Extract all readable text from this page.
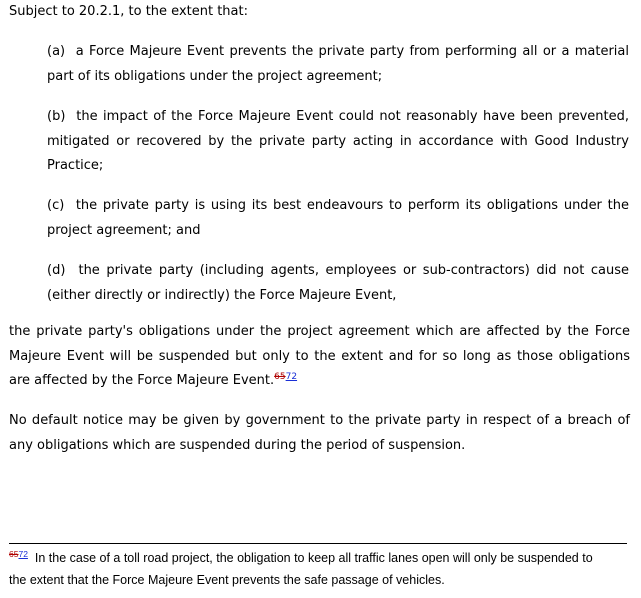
Subject to 20.2.1, to the extent that:

(a) a Force Majeure Event prevents the private party from performing all or a material part of its obligations under the project agreement;

(b) the impact of the Force Majeure Event could not reasonably have been prevented, mitigated or recovered by the private party acting in accordance with Good Industry Practice;

(c) the private party is using its best endeavours to perform its obligations under the project agreement; and

(d) the private party (including agents, employees or sub-contractors) did not cause (either directly or indirectly) the Force Majeure Event,

the private party's obligations under the project agreement which are affected by the Force Majeure Event will be suspended but only to the extent and for so long as those obligations are affected by the Force Majeure Event.$^{6572}$

No default notice may be given by government to the private party in respect of a breach of any obligations which are suspended during the period of suspension.

$^{6572}$ In the case of a toll road project, the obligation to keep all traffic lanes open will only be suspended to the extent that the Force Majeure Event prevents the safe passage of vehicles.
